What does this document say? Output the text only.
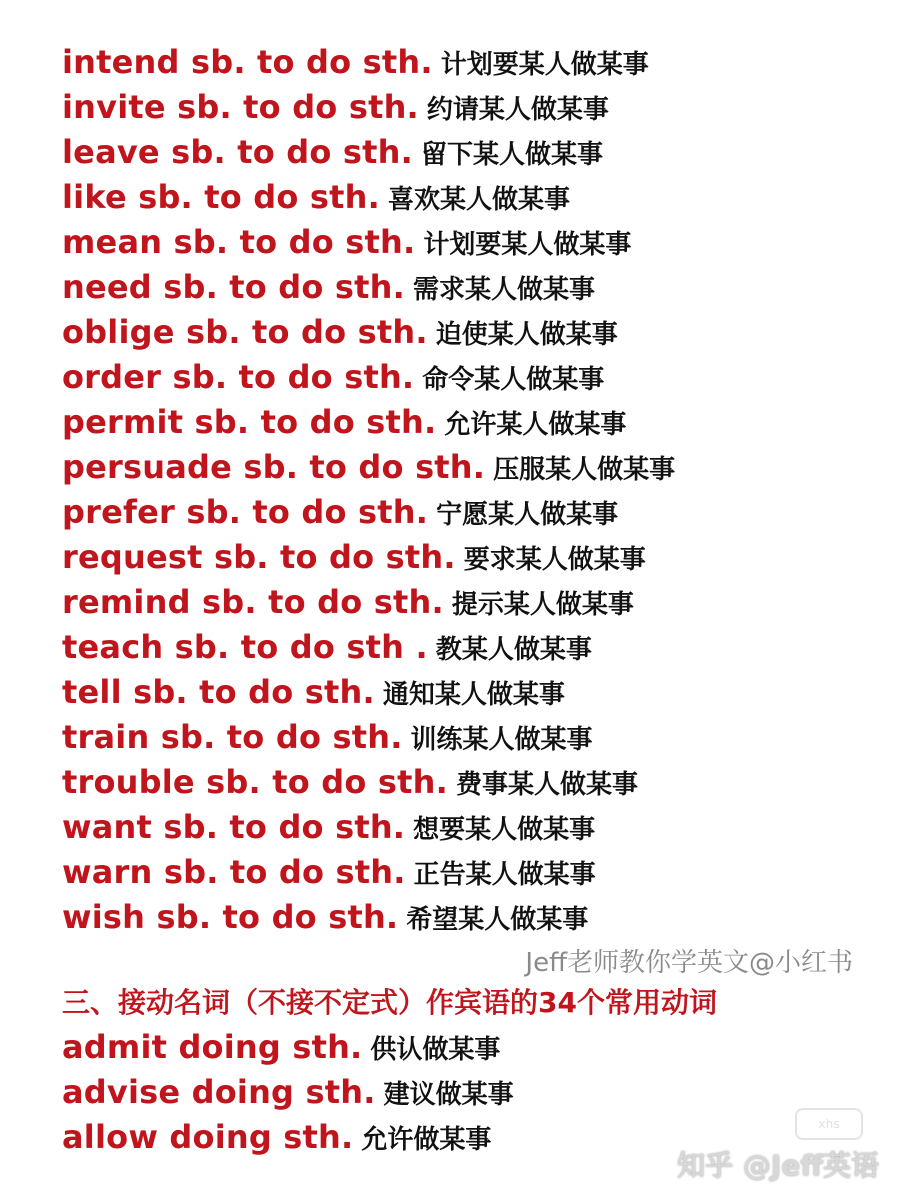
intend sb. to do sth. 计划要某人做某事
invite sb. to do sth. 约请某人做某事
leave sb. to do sth. 留下某人做某事
like sb. to do sth. 喜欢某人做某事
mean sb. to do sth. 计划要某人做某事
need sb. to do sth. 需求某人做某事
oblige sb. to do sth. 迫使某人做某事
order sb. to do sth. 命令某人做某事
permit sb. to do sth. 允许某人做某事
persuade sb. to do sth. 压服某人做某事
prefer sb. to do sth. 宁愿某人做某事
request sb. to do sth. 要求某人做某事
remind sb. to do sth. 提示某人做某事
teach sb. to do sth . 教某人做某事
tell sb. to do sth. 通知某人做某事
train sb. to do sth. 训练某人做某事
trouble sb. to do sth. 费事某人做某事
want sb. to do sth. 想要某人做某事
warn sb. to do sth. 正告某人做某事
wish sb. to do sth. 希望某人做某事
三、接动名词（不接不定式）作宾语的34个常用动词
admit doing sth. 供认做某事
advise doing sth. 建议做某事
allow doing sth. 允许做某事
Jeff老师教你学英文@小红书
xhs
知乎 @Jeff英语
